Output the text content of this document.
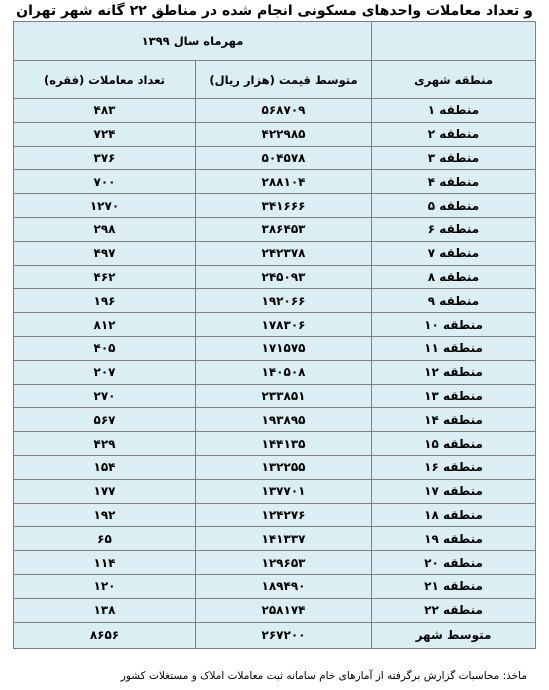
و تعداد معاملات واحدهای مسکونی انجام شده در مناطق ۲۲ گانه شهر تهران
مهرماه سال ۱۳۹۹		
تعداد معاملات (فقره)	متوسط قیمت (هزار ریال)	منطقه شهری
۴۸۳	۵۶۸۷۰۹	منطقه ۱
۷۲۴	۴۲۲۹۸۵	منطقه ۲
۳۷۶	۵۰۴۵۷۸	منطقه ۳
۷۰۰	۲۸۸۱۰۴	منطقه ۴
۱۲۷۰	۳۴۱۶۶۶	منطقه ۵
۲۹۸	۳۸۶۴۵۳	منطقه ۶
۴۹۷	۲۴۲۳۷۸	منطقه ۷
۴۶۲	۲۴۵۰۹۳	منطقه ۸
۱۹۶	۱۹۲۰۶۶	منطقه ۹
۸۱۲	۱۷۸۳۰۶	منطقه ۱۰
۴۰۵	۱۷۱۵۷۵	منطقه ۱۱
۲۰۷	۱۴۰۵۰۸	منطقه ۱۲
۲۷۰	۲۳۳۸۵۱	منطقه ۱۳
۵۶۷	۱۹۳۸۹۵	منطقه ۱۴
۴۲۹	۱۴۴۱۳۵	منطقه ۱۵
۱۵۴	۱۳۲۲۵۵	منطقه ۱۶
۱۷۷	۱۳۷۷۰۱	منطقه ۱۷
۱۹۲	۱۲۴۲۷۶	منطقه ۱۸
۶۵	۱۴۱۳۳۷	منطقه ۱۹
۱۱۴	۱۲۹۶۵۳	منطقه ۲۰
۱۲۰	۱۸۹۴۹۰	منطقه ۲۱
۱۳۸	۲۵۸۱۷۴	منطقه ۲۲
۸۶۵۶	۲۶۷۲۰۰	متوسط شهر
ماخذ: محاسبات گزارش برگرفته از آمارهای خام سامانه ثبت معاملات املاک و مستغلات کشور
